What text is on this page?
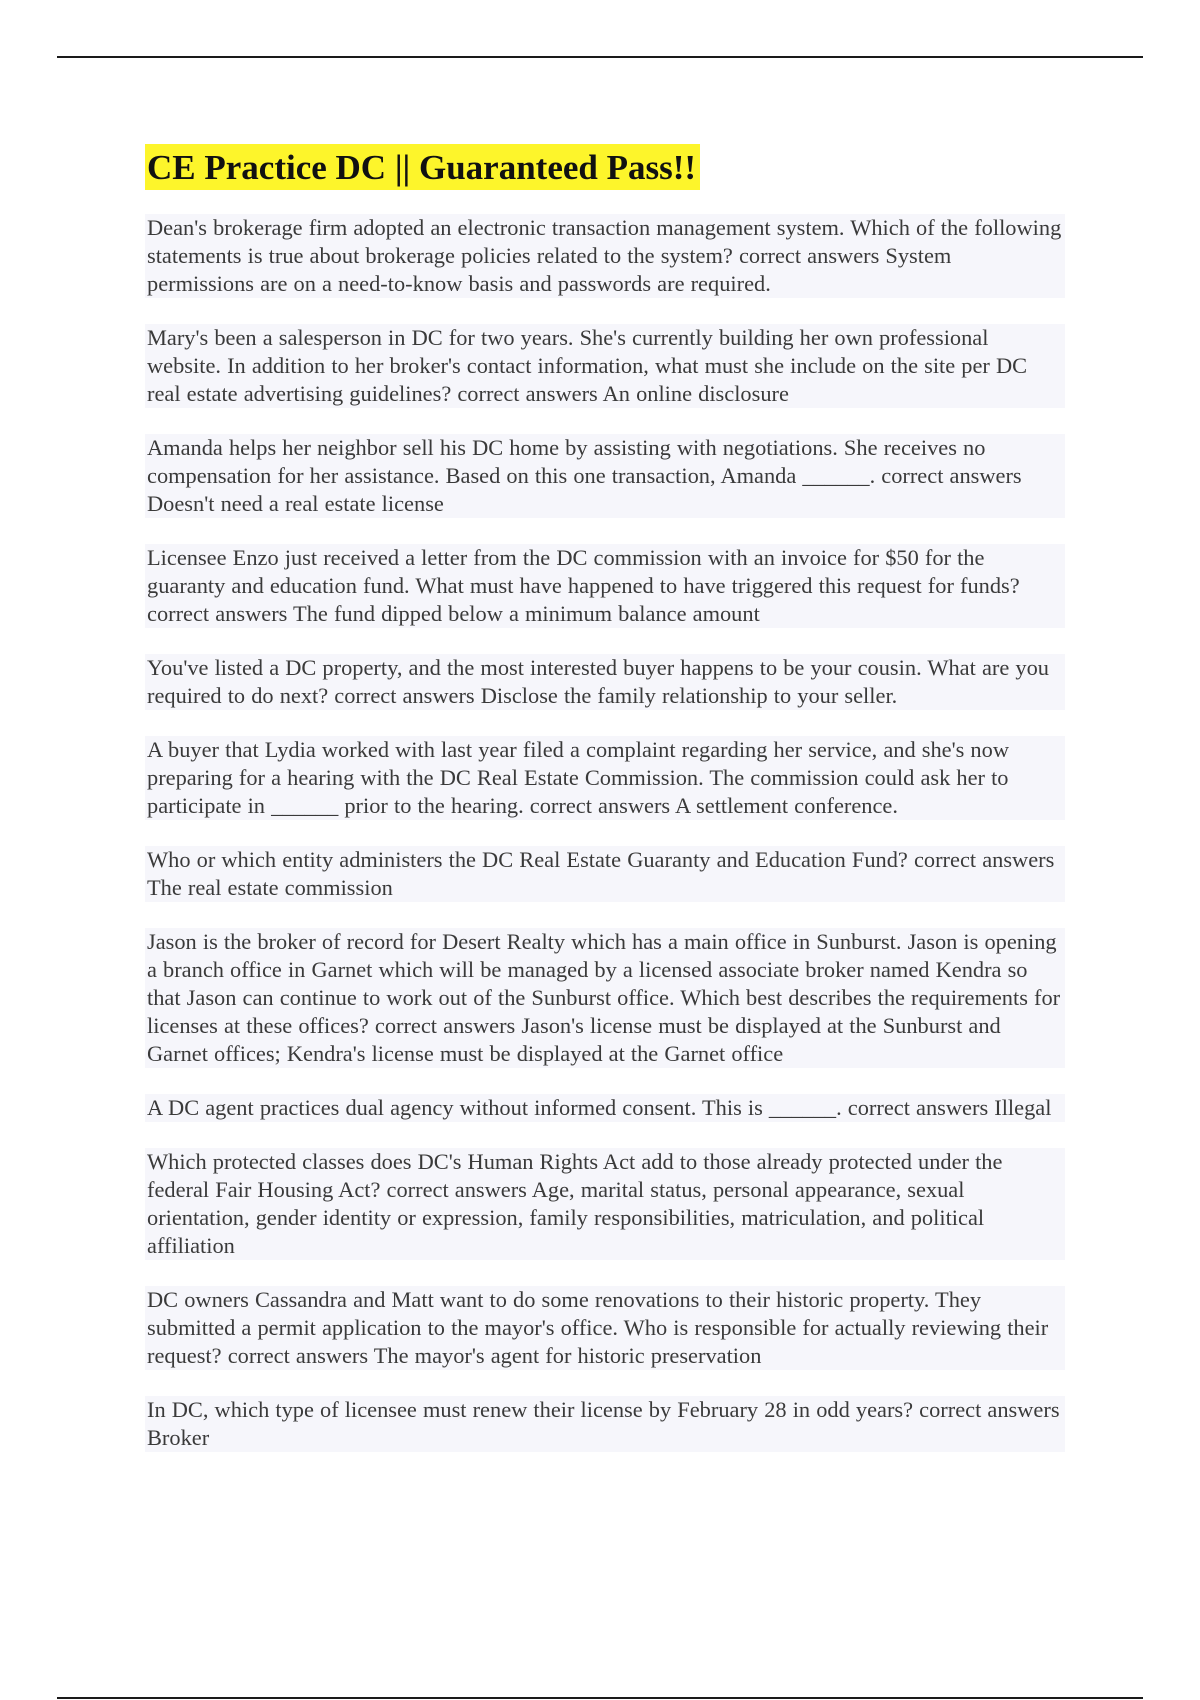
CE Practice DC || Guaranteed Pass!!
Dean's brokerage firm adopted an electronic transaction management system. Which of the following statements is true about brokerage policies related to the system? correct answers System permissions are on a need-to-know basis and passwords are required.
Mary's been a salesperson in DC for two years. She's currently building her own professional website. In addition to her broker's contact information, what must she include on the site per DC real estate advertising guidelines? correct answers An online disclosure
Amanda helps her neighbor sell his DC home by assisting with negotiations. She receives no compensation for her assistance. Based on this one transaction, Amanda ______. correct answers Doesn't need a real estate license
Licensee Enzo just received a letter from the DC commission with an invoice for $50 for the guaranty and education fund. What must have happened to have triggered this request for funds? correct answers The fund dipped below a minimum balance amount
You've listed a DC property, and the most interested buyer happens to be your cousin. What are you required to do next? correct answers Disclose the family relationship to your seller.
A buyer that Lydia worked with last year filed a complaint regarding her service, and she's now preparing for a hearing with the DC Real Estate Commission. The commission could ask her to participate in ______ prior to the hearing. correct answers A settlement conference.
Who or which entity administers the DC Real Estate Guaranty and Education Fund? correct answers The real estate commission
Jason is the broker of record for Desert Realty which has a main office in Sunburst. Jason is opening a branch office in Garnet which will be managed by a licensed associate broker named Kendra so that Jason can continue to work out of the Sunburst office. Which best describes the requirements for licenses at these offices? correct answers Jason's license must be displayed at the Sunburst and Garnet offices; Kendra's license must be displayed at the Garnet office
A DC agent practices dual agency without informed consent. This is ______. correct answers Illegal
Which protected classes does DC's Human Rights Act add to those already protected under the federal Fair Housing Act? correct answers Age, marital status, personal appearance, sexual orientation, gender identity or expression, family responsibilities, matriculation, and political affiliation
DC owners Cassandra and Matt want to do some renovations to their historic property. They submitted a permit application to the mayor's office. Who is responsible for actually reviewing their request? correct answers The mayor's agent for historic preservation
In DC, which type of licensee must renew their license by February 28 in odd years? correct answers Broker
